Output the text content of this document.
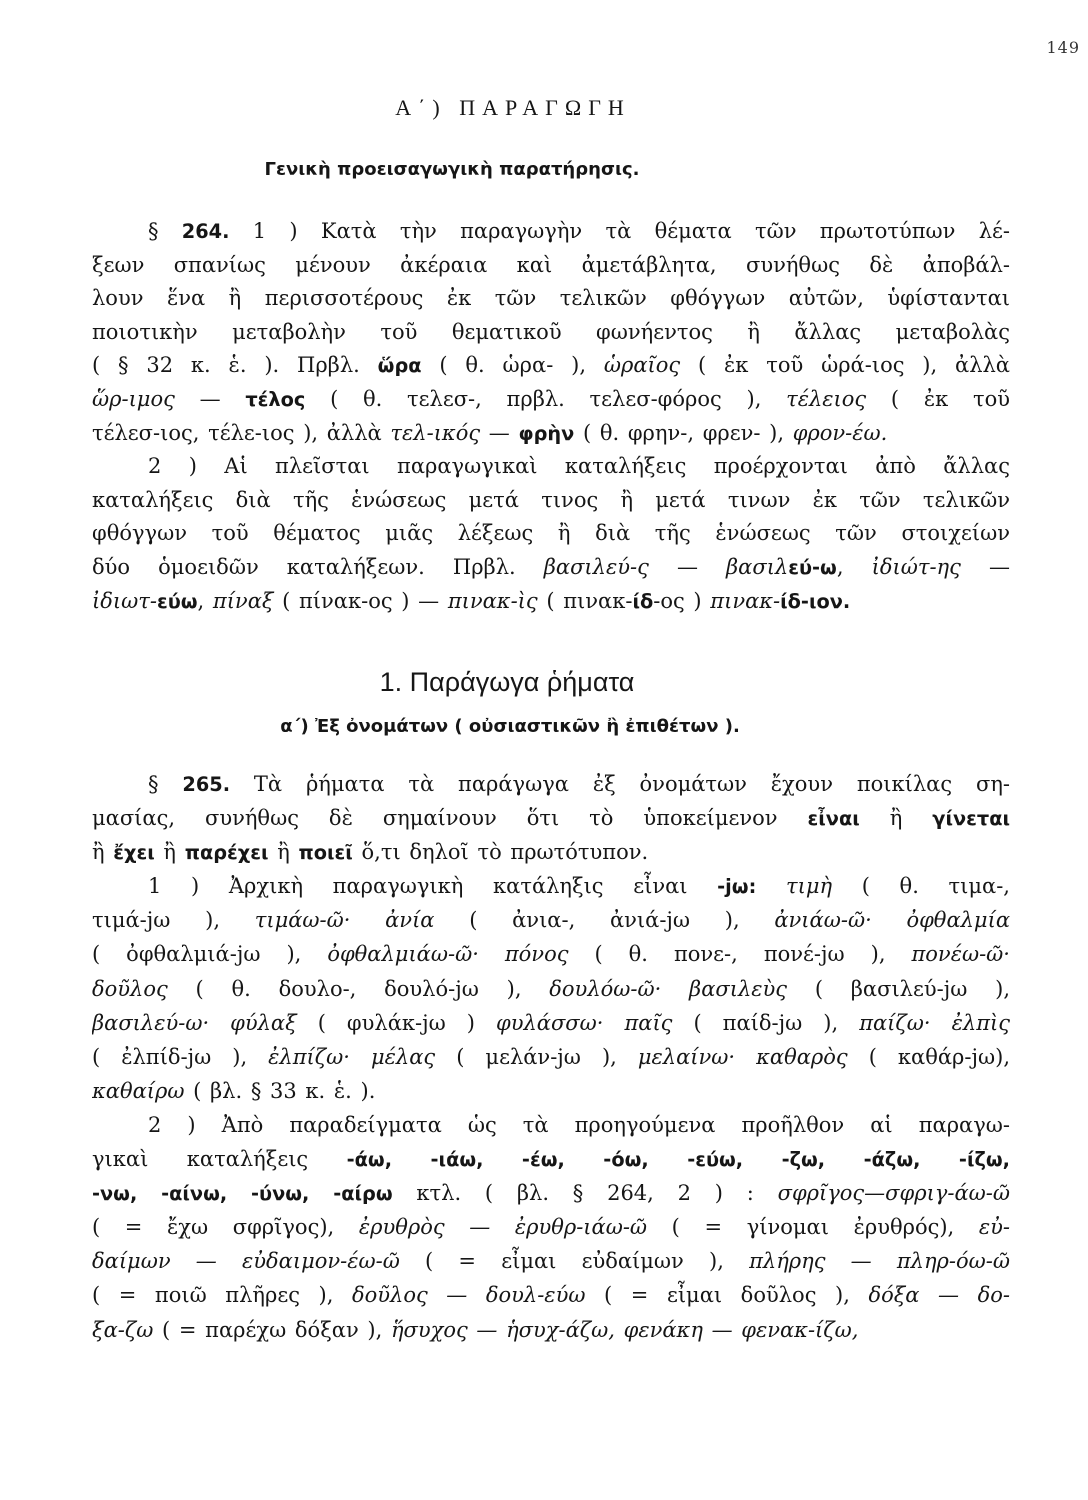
149
Α΄) ΠΑΡΑΓΩΓΗ
Γενικὴ προεισαγωγικὴ παρατήρησις.
§ 264. 1 ) Κατὰ τὴν παραγωγὴν τὰ θέματα τῶν πρωτοτύπων λέ-
ξεων σπανίως μένουν ἀκέραια καὶ ἀμετάβλητα, συνήθως δὲ ἀποβάλ-
λουν ἕνα ἢ περισσοτέρους ἐκ τῶν τελικῶν φθόγγων αὐτῶν, ὑφίστανται
ποιοτικὴν μεταβολὴν τοῦ θεματικοῦ φωνήεντος ἢ ἄλλας μεταβολὰς
( § 32 κ. ἑ. ). Πρβλ. ὥρα ( θ. ὡρα- ), ὡραῖος ( ἐκ τοῦ ὡρά-ιος ), ἀλλὰ
ὥρ-ιμος — τέλος ( θ. τελεσ-, πρβλ. τελεσ-φόρος ), τέλειος ( ἐκ τοῦ
τέλεσ-ιος, τέλε-ιος ), ἀλλὰ τελ-ικός — φρὴν ( θ. φρην-, φρεν- ), φρον-έω.
2 ) Αἱ πλεῖσται παραγωγικαὶ καταλήξεις προέρχονται ἀπὸ ἄλλας
καταλήξεις διὰ τῆς ἑνώσεως μετά τινος ἢ μετά τινων ἐκ τῶν τελικῶν
φθόγγων τοῦ θέματος μιᾶς λέξεως ἢ διὰ τῆς ἑνώσεως τῶν στοιχείων
δύο ὁμοειδῶν καταλήξεων. Πρβλ. βασιλεύ-ς — βασιλεύ-ω, ἰδιώτ-ης —
ἰδιωτ-εύω, πίναξ ( πίνακ-ος ) — πινακ-ὶς ( πινακ-ίδ-ος ) πινακ-ίδ-ιον.
1. Παράγωγα ῥήματα
α΄) Ἐξ ὀνομάτων ( οὐσιαστικῶν ἢ ἐπιθέτων ).
§ 265. Τὰ ῥήματα τὰ παράγωγα ἐξ ὀνομάτων ἔχουν ποικίλας ση-
μασίας, συνήθως δὲ σημαίνουν ὅτι τὸ ὑποκείμενον εἶναι ἢ γίνεται
ἢ ἔχει ἢ παρέχει ἢ ποιεῖ ὅ,τι δηλοῖ τὸ πρωτότυπον.
1 ) Ἀρχικὴ παραγωγικὴ κατάληξις εἶναι -jω: τιμὴ ( θ. τιμα-,
τιμά-jω ), τιμάω-ῶ· ἀνία ( ἀνια-, ἀνιά-jω ), ἀνιάω-ῶ· ὀφθαλμία
( ὀφθαλμιά-jω ), ὀφθαλμιάω-ῶ· πόνος ( θ. πονε-, πονέ-jω ), πονέω-ῶ·
δοῦλος ( θ. δουλο-, δουλό-jω ), δουλόω-ῶ· βασιλεὺς ( βασιλεύ-jω ),
βασιλεύ-ω· φύλαξ ( φυλάκ-jω ) φυλάσσω· παῖς ( παίδ-jω ), παίζω· ἐλπὶς
( ἐλπίδ-jω ), ἐλπίζω· μέλας ( μελάν-jω ), μελαίνω· καθαρὸς ( καθάρ-jω),
καθαίρω ( βλ. § 33 κ. ἑ. ).
2 ) Ἀπὸ παραδείγματα ὡς τὰ προηγούμενα προῆλθον αἱ παραγω-
γικαὶ καταλήξεις -άω, -ιάω, -έω, -όω, -εύω, -ζω, -άζω, -ίζω,
-νω, -αίνω, -ύνω, -αίρω κτλ. ( βλ. § 264, 2 ) : σφρῖγος—σφριγ-άω-ῶ
( = ἔχω σφρῖγος), ἐρυθρὸς — ἐρυθρ-ιάω-ῶ ( = γίνομαι ἐρυθρός), εὐ-
δαίμων — εὐδαιμον-έω-ῶ ( = εἶμαι εὐδαίμων ), πλήρης — πληρ-όω-ῶ
( = ποιῶ πλῆρες ), δοῦλος — δουλ-εύω ( = εἶμαι δοῦλος ), δόξα — δο-
ξα-ζω ( = παρέχω δόξαν ), ἥσυχος — ἡσυχ-άζω, φενάκη — φενακ-ίζω,
